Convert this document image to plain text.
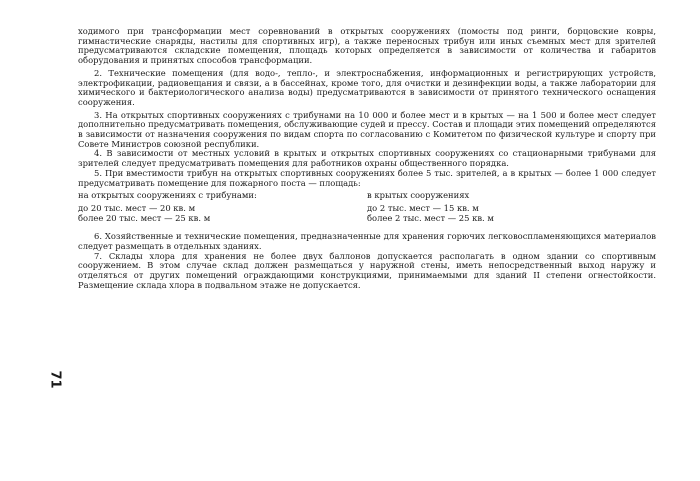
ходимого при трансформации мест соревнований в открытых сооружениях (помосты под ринги, борцовские ковры, гимнастические снаряды, настилы для спортивных игр), а также переносных трибун или иных съемных мест для зрителей предусматриваются складские помещения, площадь которых определяется в зависимости от количества и габаритов оборудования и принятых способов трансформации.

2. Технические помещения (для водо-, тепло-, и электроснабжения, информационных и регистрирующих устройств, электрофикации, радиовещания и связи, а в бассейнах, кроме того, для очистки и дезинфекции воды, а также лаборатории для химического и бактериологического анализа воды) предусматриваются в зависимости от принятого технического оснащения сооружения.

3. На открытых спортивных сооружениях с трибунами на 10 000 и более мест и в крытых — на 1 500 и более мест следует дополнительно предусматривать помещения, обслуживающие судей и прессу. Состав и площади этих помещений определяются в зависимости от назначения сооружения по видам спорта по согласованию с Комитетом по физической культуре и спорту при Совете Министров союзной республики.

4. В зависимости от местных условий в крытых и открытых спортивных сооружениях со стационарными трибунами для зрителей следует предусматривать помещения для работников охраны общественного порядка.

5. При вместимости трибун на открытых спортивных сооружениях более 5 тыс. зрителей, а в крытых — более 1 000 следует предусматривать помещение для пожарного поста — площадь:

на открытых сооружениях с трибунами:
до 20 тыс. мест — 20 кв. м
более 20 тыс. мест — 25 кв. м
в крытых сооружениях
до 2 тыс. мест — 15 кв. м
более 2 тыс. мест — 25 кв. м

6. Хозяйственные и технические помещения, предназначенные для хранения горючих легковоспламеняющихся материалов следует размещать в отдельных зданиях.

7. Склады хлора для хранения не более двух баллонов допускается располагать в одном здании со спортивным сооружением. В этом случае склад должен размещаться у наружной стены, иметь непосредственный выход наружу и отделяться от других помещений ограждающими конструкциями, принимаемыми для зданий II степени огнестойкости. Размещение склада хлора в подвальном этаже не допускается.

71
